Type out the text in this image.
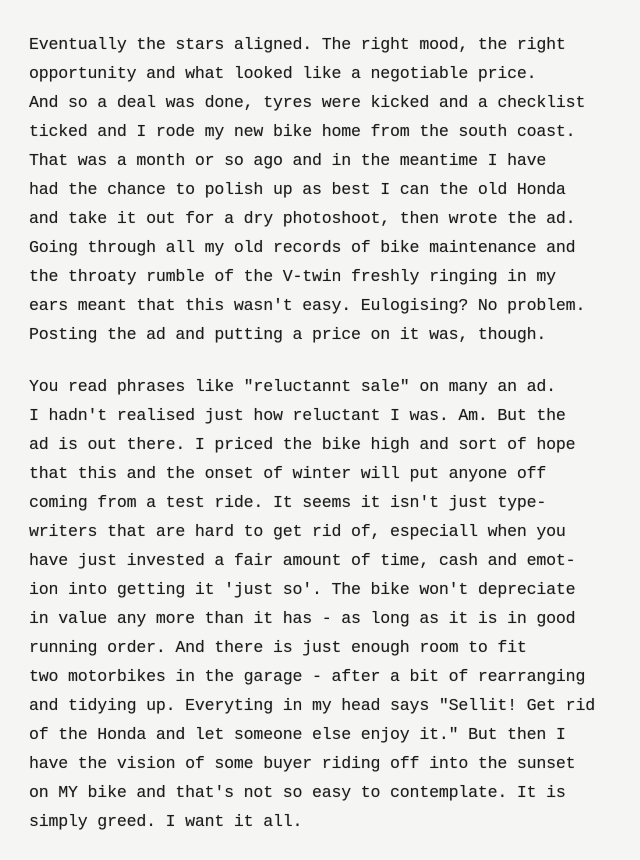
Eventually the stars aligned. The right mood, the right
opportunity and what looked like a negotiable price.
And so a deal was done, tyres were kicked and a checklist
ticked and I rode my new bike home from the south coast.
That was a month or so ago and in the meantime I have
had the chance to polish up as best I can the old Honda
and take it out for a dry photoshoot, then wrote the ad.
Going through all my old records of bike maintenance and
the throaty rumble of the V-twin freshly ringing in my
ears meant that this wasn't easy. Eulogising? No problem.
Posting the ad and putting a price on it was, though.
You read phrases like "reluctannt sale" on many an ad.
I hadn't realised just how reluctant I was. Am. But the
ad is out there. I priced the bike high and sort of hope
that this and the onset of winter will put anyone off
coming from a test ride. It seems it isn't just type-
writers that are hard to get rid of, especiall when you
have just invested a fair amount of time, cash and emot-
ion into getting it 'just so'. The bike won't depreciate
in value any more than it has - as long as it is in good
running order. And there is just enough room to fit
two motorbikes in the garage - after a bit of rearranging
and tidying up. Everyting in my head says "Sellit! Get rid
of the Honda and let someone else enjoy it." But then I
have the vision of some buyer riding off into the sunset
on MY bike and that's not so easy to contemplate. It is
simply greed. I want it all.
